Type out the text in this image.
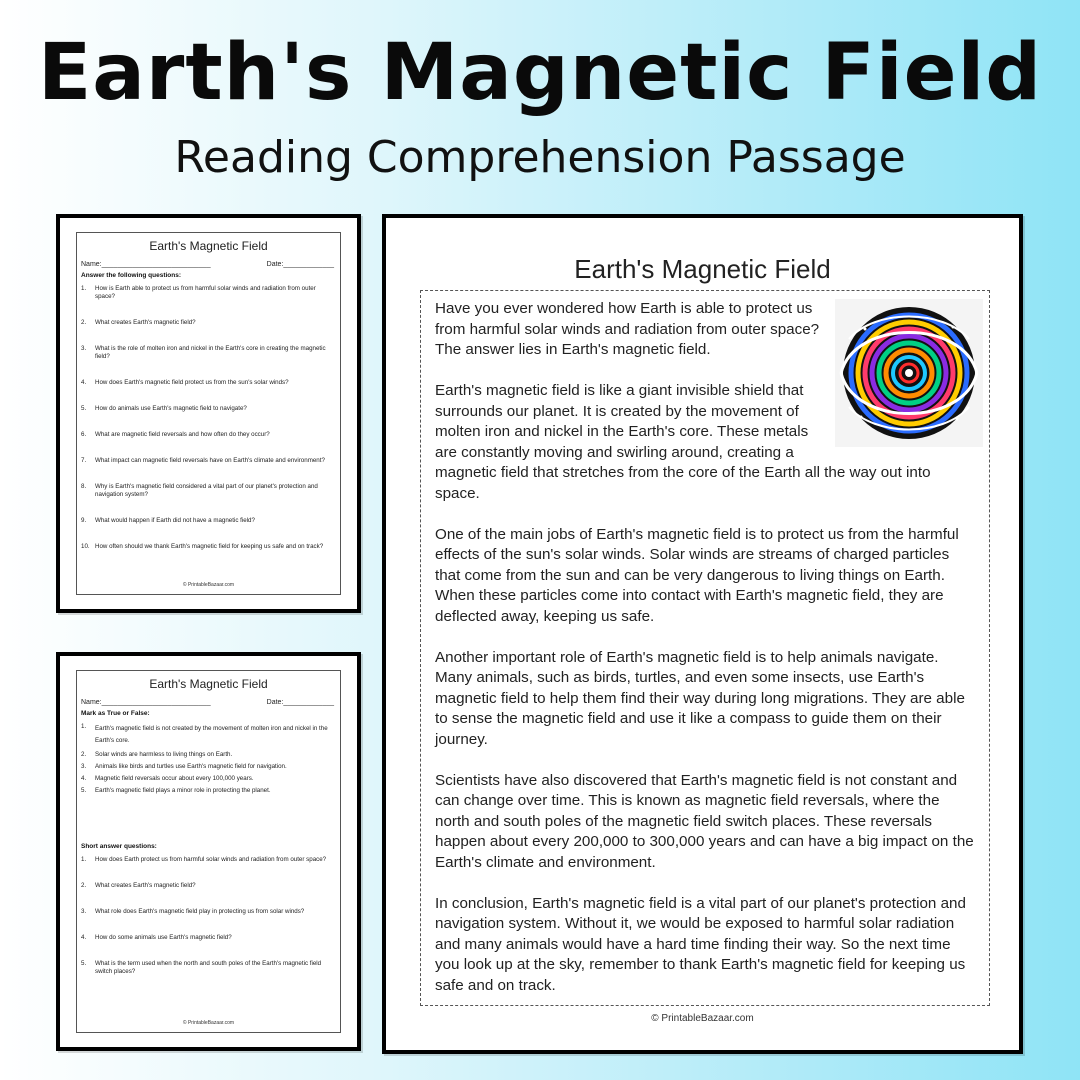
Earth's Magnetic Field
Reading Comprehension Passage
Earth's Magnetic Field
Name:____________________________	Date:_____________
Answer the following questions:
1.	How is Earth able to protect us from harmful solar winds and radiation from outer space?
2.	What creates Earth's magnetic field?
3.	What is the role of molten iron and nickel in the Earth's core in creating the magnetic field?
4.	How does Earth's magnetic field protect us from the sun's solar winds?
5.	How do animals use Earth's magnetic field to navigate?
6.	What are magnetic field reversals and how often do they occur?
7.	What impact can magnetic field reversals have on Earth's climate and environment?
8.	Why is Earth's magnetic field considered a vital part of our planet's protection and navigation system?
9.	What would happen if Earth did not have a magnetic field?
10. How often should we thank Earth's magnetic field for keeping us safe and on track?
© PrintableBazaar.com
Earth's Magnetic Field
Name:____________________________	Date:_____________
Mark as True or False:
1.	Earth's magnetic field is not created by the movement of molten iron and nickel in the Earth's core.
2.	Solar winds are harmless to living things on Earth.
3.	Animals like birds and turtles use Earth's magnetic field for navigation.
4.	Magnetic field reversals occur about every 100,000 years.
5.	Earth's magnetic field plays a minor role in protecting the planet.
Short answer questions:
1.	How does Earth protect us from harmful solar winds and radiation from outer space?
2.	What creates Earth's magnetic field?
3.	What role does Earth's magnetic field play in protecting us from solar winds?
4.	How do some animals use Earth's magnetic field?
5.	What is the term used when the north and south poles of the Earth's magnetic field switch places?
© PrintableBazaar.com
Earth's Magnetic Field

Have you ever wondered how Earth is able to protect us from harmful solar winds and radiation from outer space? The answer lies in Earth's magnetic field.

Earth's magnetic field is like a giant invisible shield that surrounds our planet. It is created by the movement of molten iron and nickel in the Earth's core. These metals are constantly moving and swirling around, creating a magnetic field that stretches from the core of the Earth all the way out into space.

One of the main jobs of Earth's magnetic field is to protect us from the harmful effects of the sun's solar winds. Solar winds are streams of charged particles that come from the sun and can be very dangerous to living things on Earth. When these particles come into contact with Earth's magnetic field, they are deflected away, keeping us safe.

Another important role of Earth's magnetic field is to help animals navigate. Many animals, such as birds, turtles, and even some insects, use Earth's magnetic field to help them find their way during long migrations. They are able to sense the magnetic field and use it like a compass to guide them on their journey.

Scientists have also discovered that Earth's magnetic field is not constant and can change over time. This is known as magnetic field reversals, where the north and south poles of the magnetic field switch places. These reversals happen about every 200,000 to 300,000 years and can have a big impact on the Earth's climate and environment.

In conclusion, Earth's magnetic field is a vital part of our planet's protection and navigation system. Without it, we would be exposed to harmful solar radiation and many animals would have a hard time finding their way. So the next time you look up at the sky, remember to thank Earth's magnetic field for keeping us safe and on track.

© PrintableBazaar.com
